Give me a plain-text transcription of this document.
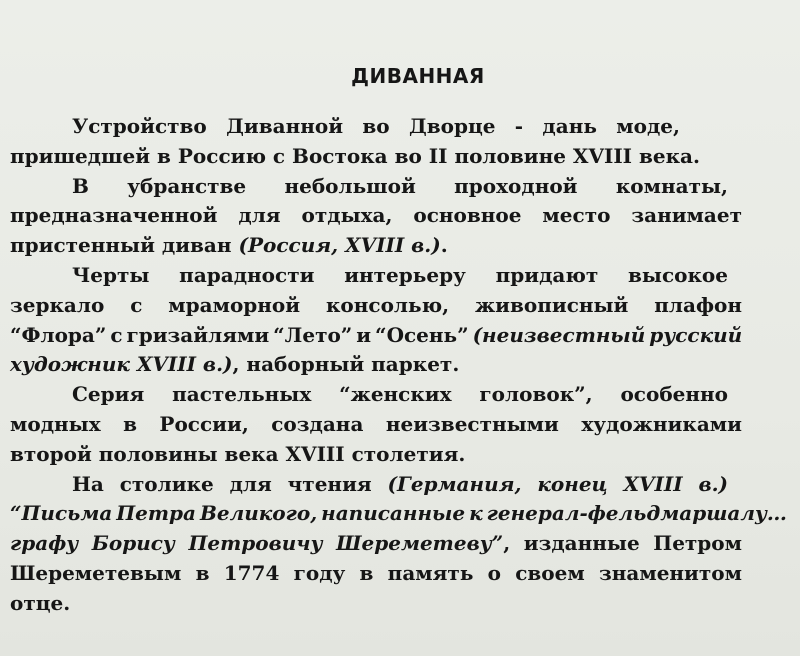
ДИВАННАЯ
Устройство Диванной во Дворце - дань моде,
пришедшей в Россию с Востока во II половине XVIII века.
В убранстве небольшой проходной комнаты,
предназначенной для отдыха, основное место занимает
пристенный диван (Россия, XVIII в.).
Черты парадности интерьеру придают высокое
зеркало с мраморной консолью, живописный плафон
“Флора” с гризайлями “Лето” и “Осень” (неизвестный русский
художник XVIII в.), наборный паркет.
Серия пастельных “женских головок”, особенно
модных в России, создана неизвестными художниками
второй половины века XVIII столетия.
На столике для чтения (Германия, конец XVIII в.)
“Письма Петра Великого, написанные к генерал-фельдмаршалу…
графу Борису Петровичу Шереметеву”, изданные Петром
Шереметевым в 1774 году в память о своем знаменитом
отце.
